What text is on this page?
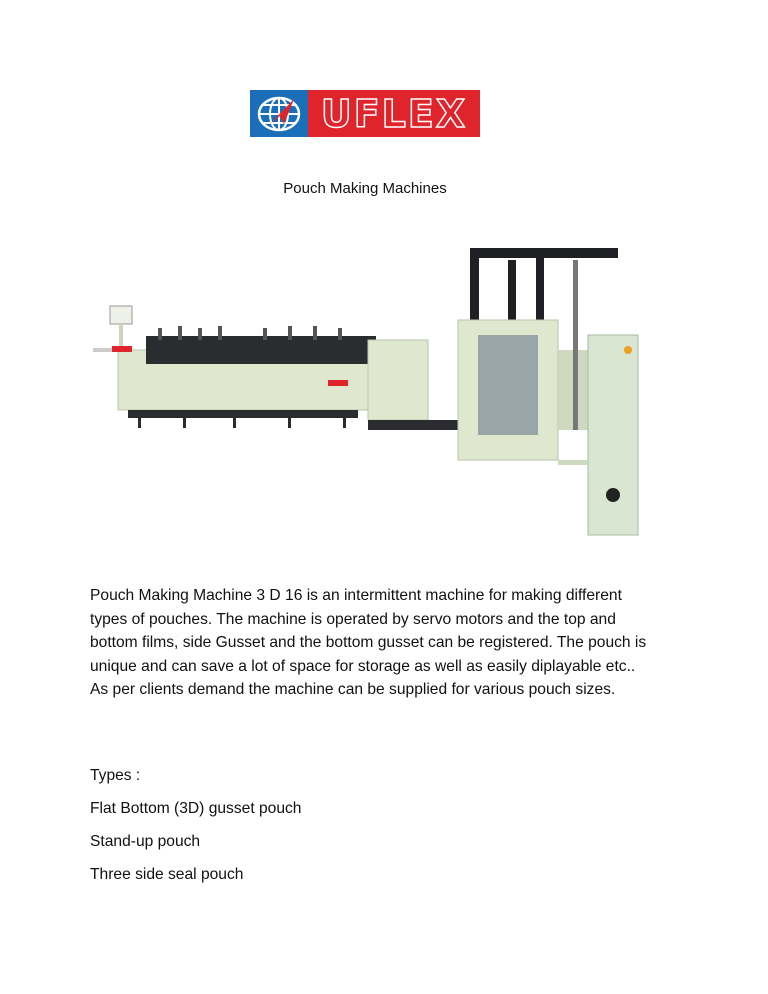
UFLEX
Pouch Making Machines
Pouch Making Machine 3 D 16 is an intermittent machine for making different types of pouches. The machine is operated by servo motors and the top and bottom films, side Gusset and the bottom gusset can be registered. The pouch is unique and can save a lot of space for storage as well as easily diplayable etc.. As per clients demand the machine can be supplied for various pouch sizes.
Types :
Flat Bottom (3D) gusset pouch
Stand-up pouch
Three side seal pouch
